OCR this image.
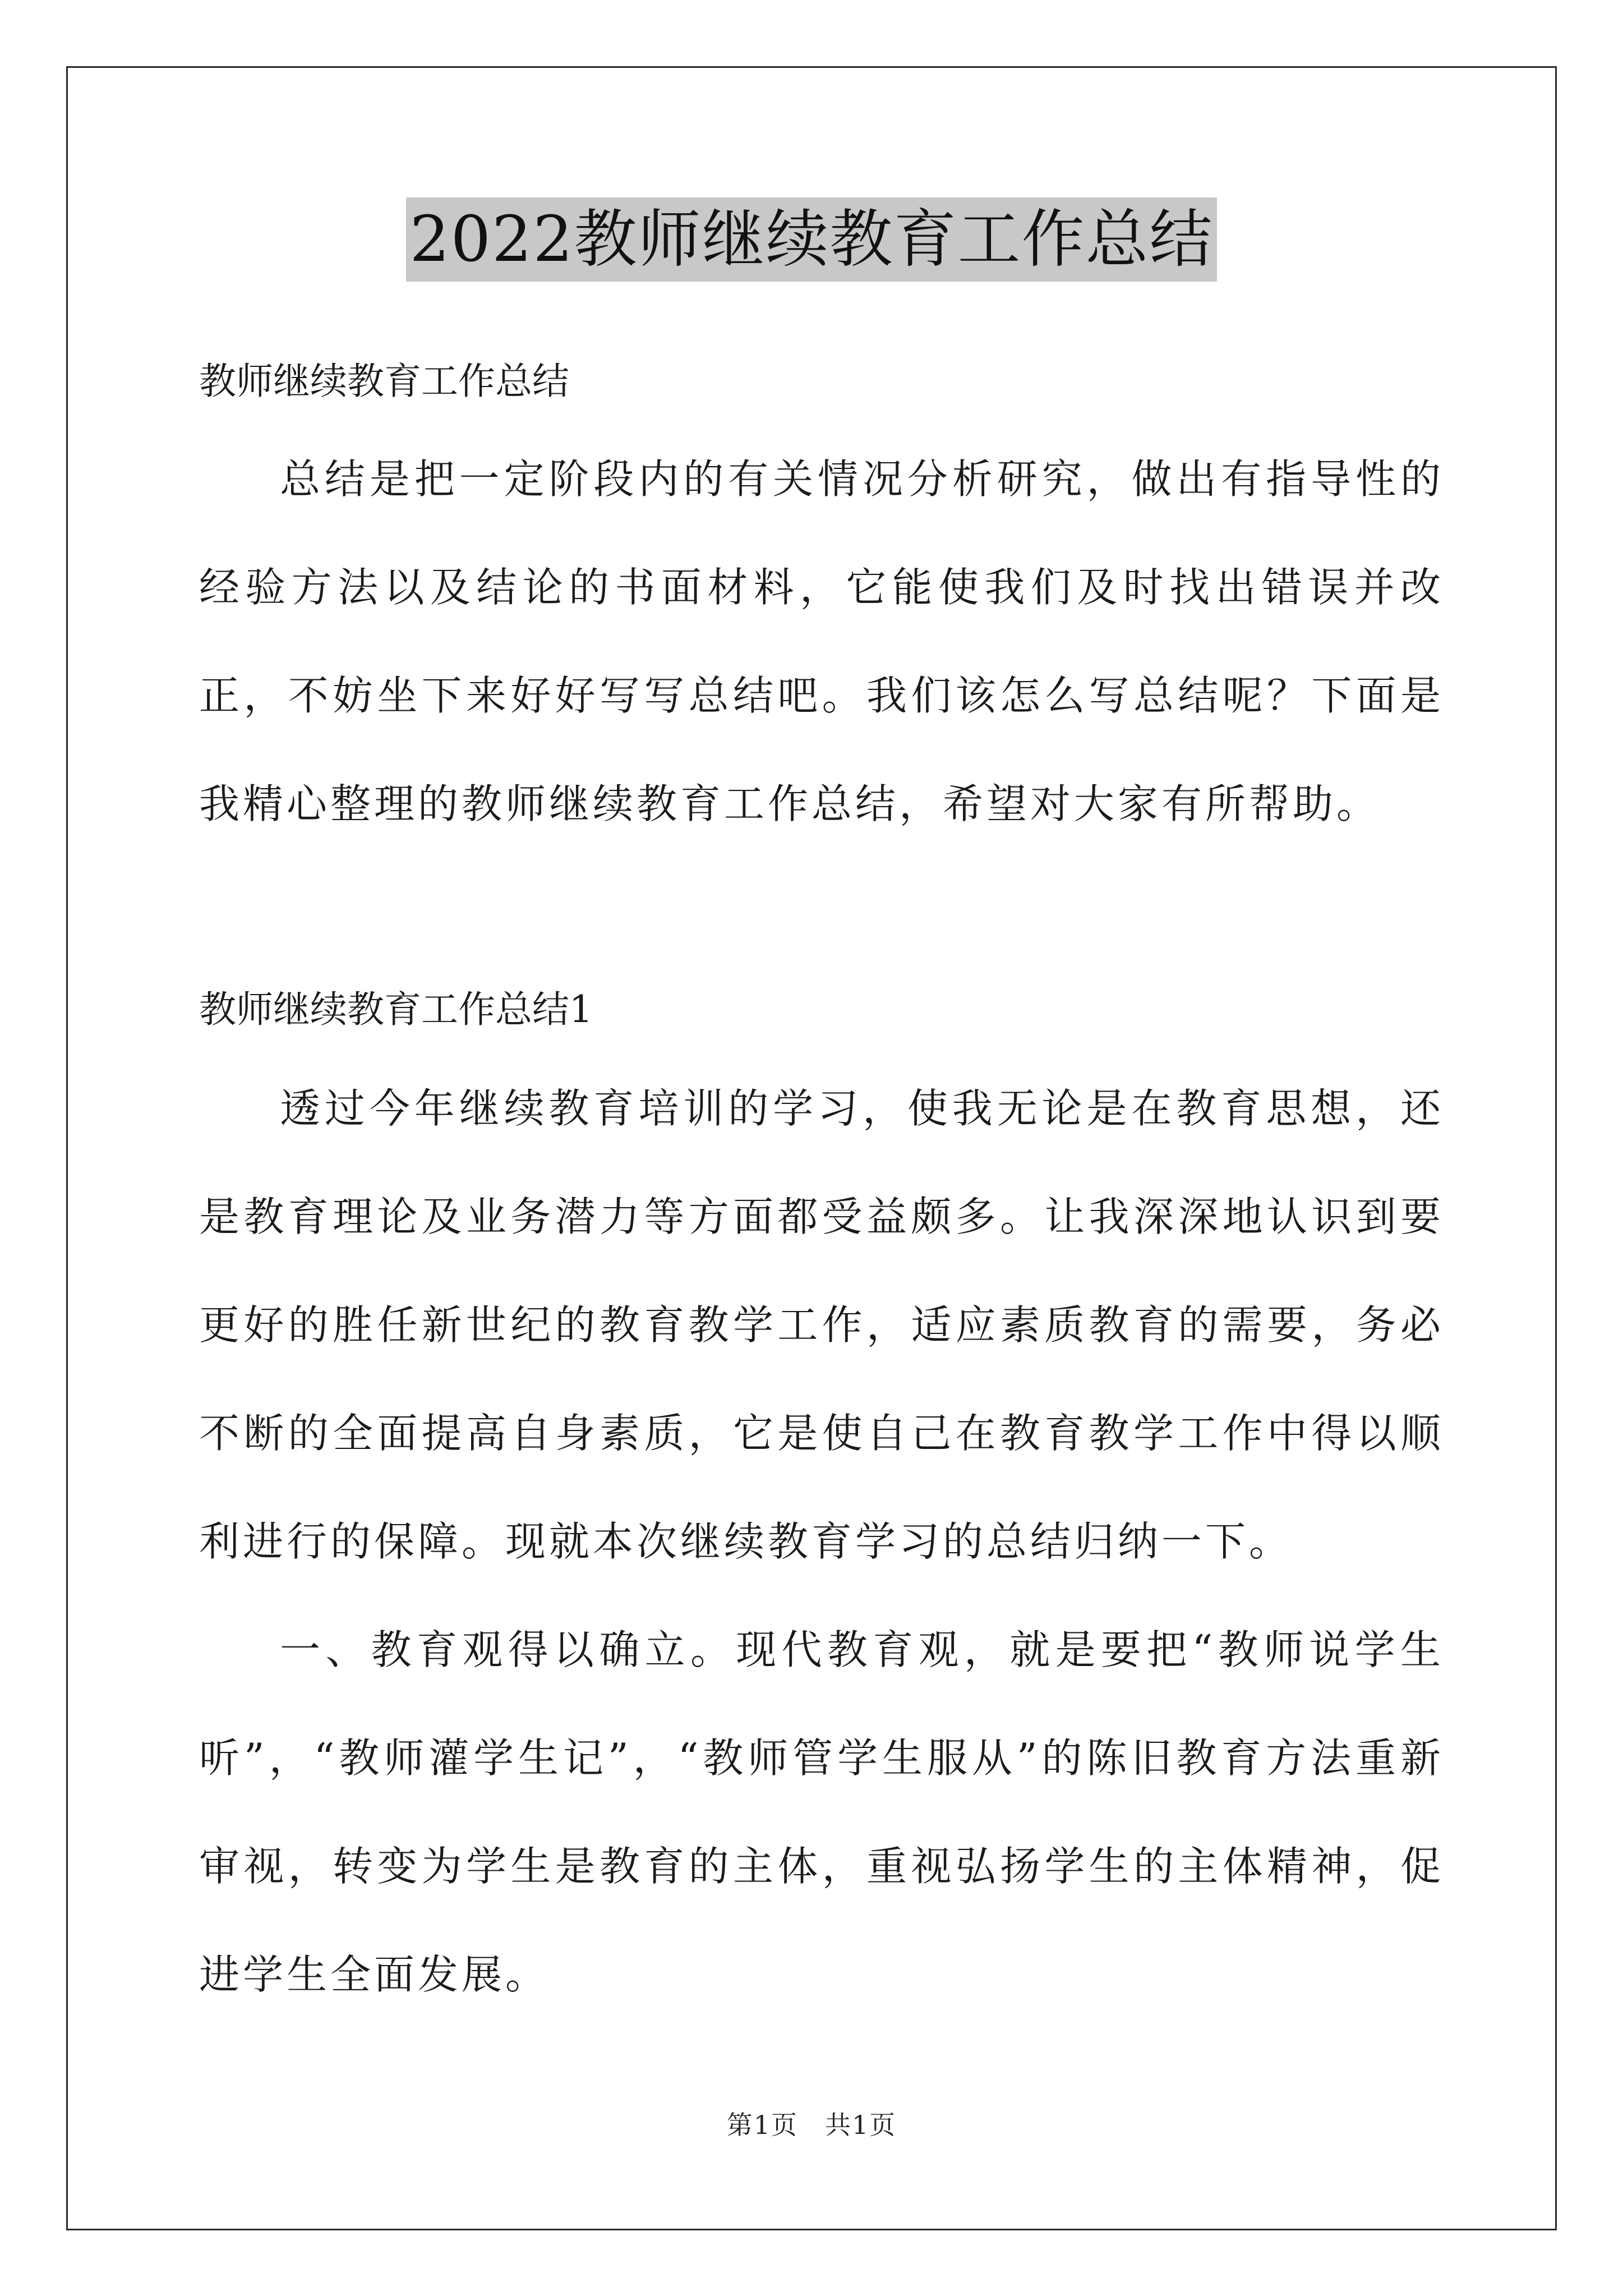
2022教师继续教育工作总结

教师继续教育工作总结

总结是把一定阶段内的有关情况分析研究，做出有指导性的经验方法以及结论的书面材料，它能使我们及时找出错误并改正，不妨坐下来好好写写总结吧。我们该怎么写总结呢？下面是我精心整理的教师继续教育工作总结，希望对大家有所帮助。

教师继续教育工作总结1

透过今年继续教育培训的学习，使我无论是在教育思想，还是教育理论及业务潜力等方面都受益颇多。让我深深地认识到要更好的胜任新世纪的教育教学工作，适应素质教育的需要，务必不断的全面提高自身素质，它是使自己在教育教学工作中得以顺利进行的保障。现就本次继续教育学习的总结归纳一下。

一、教育观得以确立。现代教育观，就是要把“教师说学生听”，“教师灌学生记”，“教师管学生服从”的陈旧教育方法重新审视，转变为学生是教育的主体，重视弘扬学生的主体精神，促进学生全面发展。

第1页　共1页
